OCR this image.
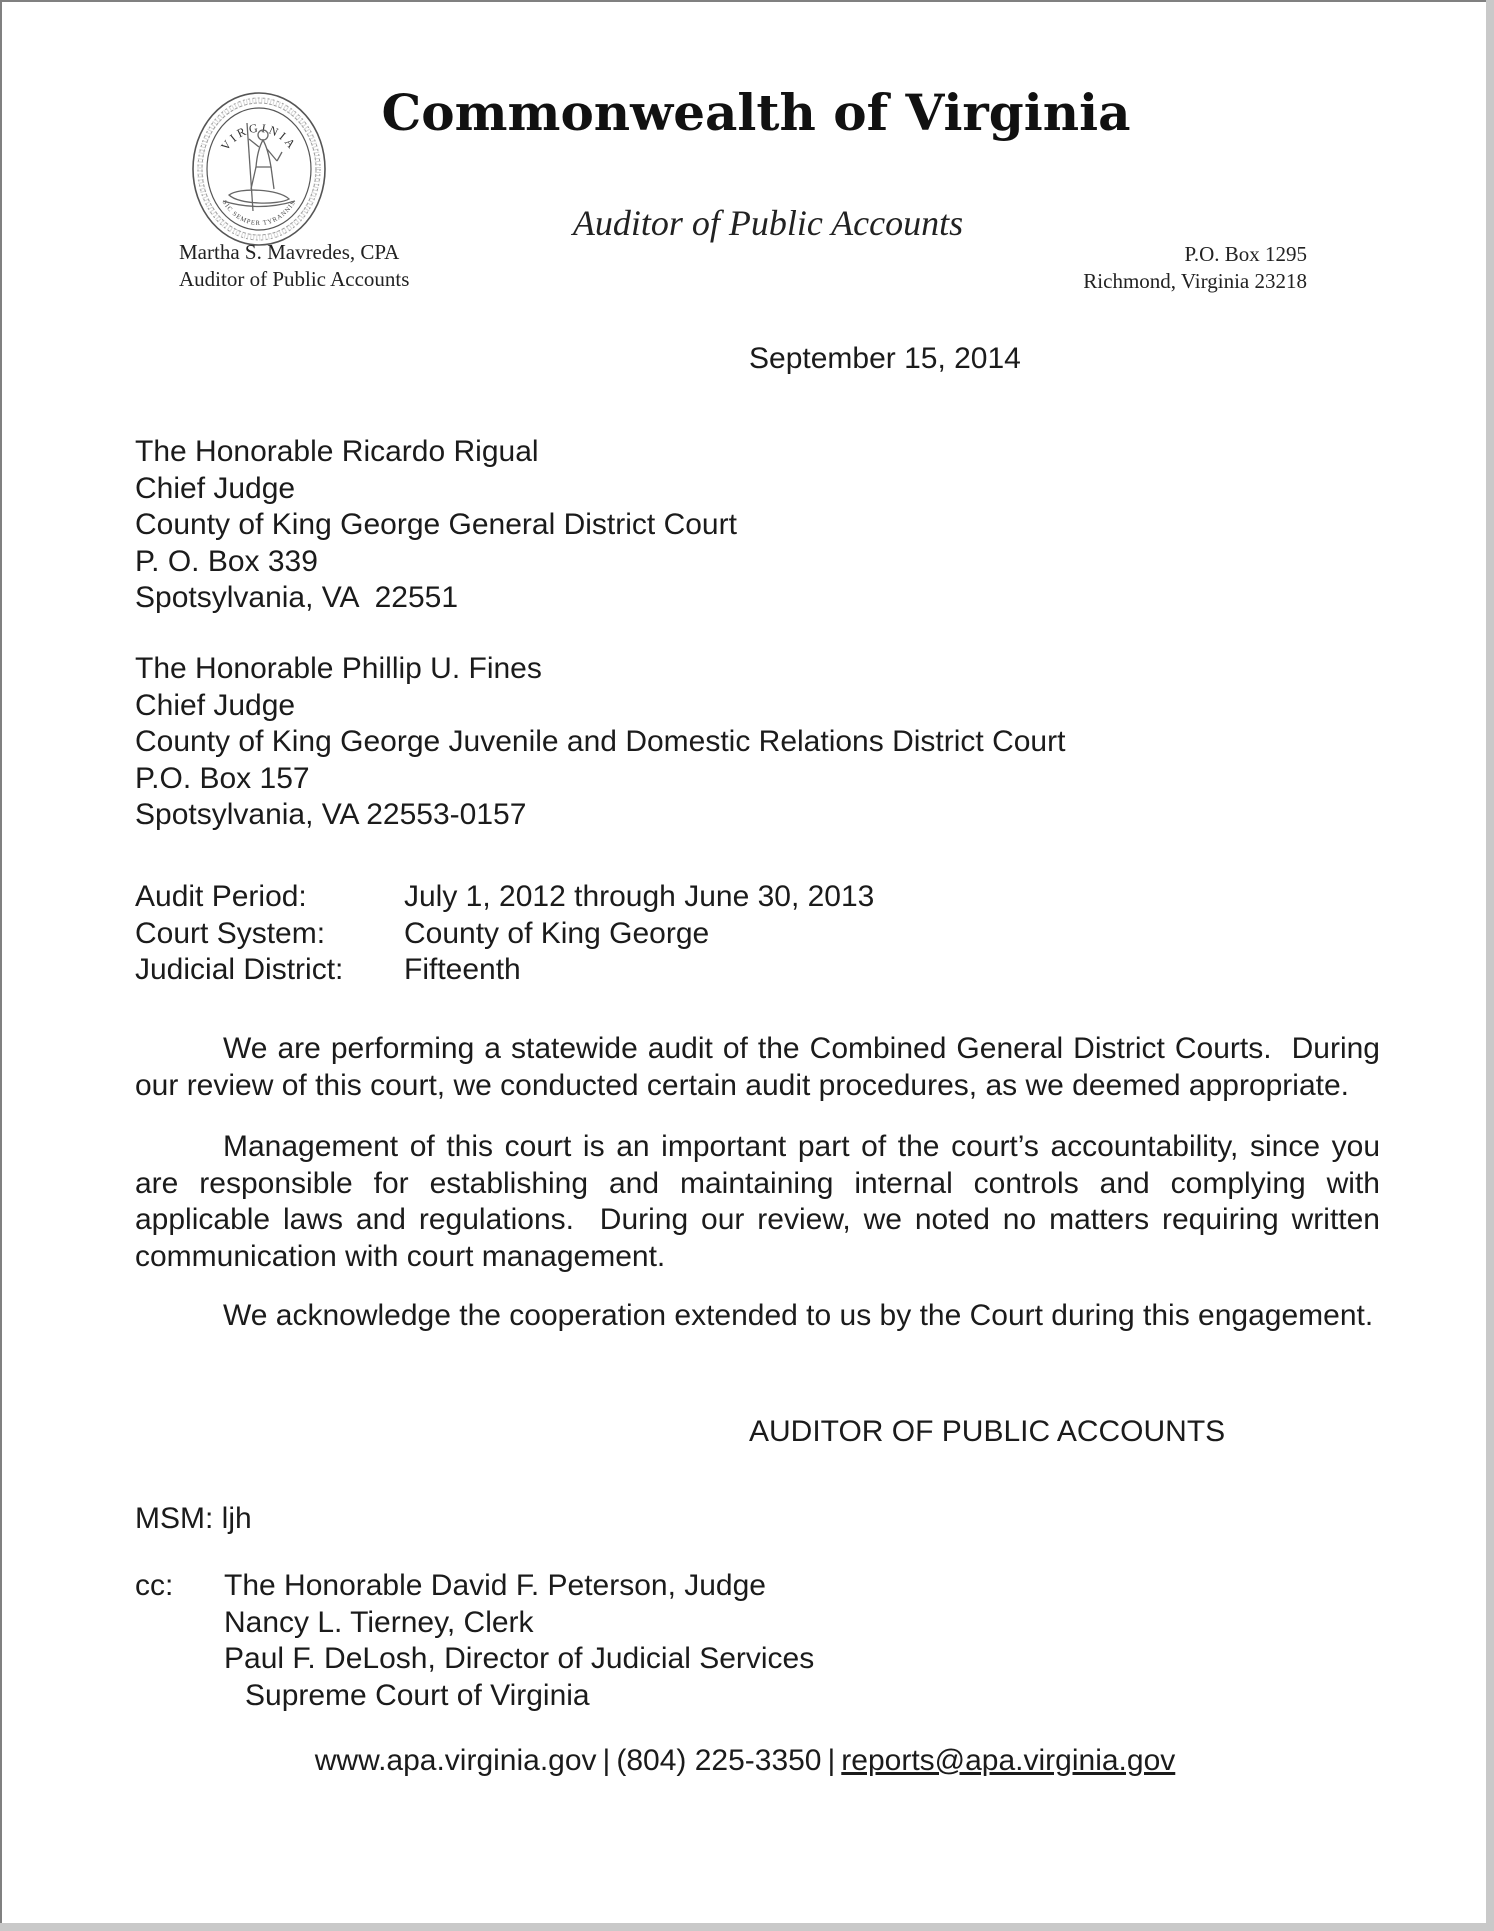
VIRGINIA
SIC SEMPER TYRANNIS
Commonwealth of Virginia
Auditor of Public Accounts
Martha S. Mavredes, CPA
Auditor of Public Accounts
P.O. Box 1295
Richmond, Virginia 23218
September 15, 2014
The Honorable Ricardo Rigual
Chief Judge
County of King George General District Court
P. O. Box 339
Spotsylvania, VA  22551
The Honorable Phillip U. Fines
Chief Judge
County of King George Juvenile and Domestic Relations District Court
P.O. Box 157
Spotsylvania, VA 22553-0157
Audit Period:	July 1, 2012 through June 30, 2013
Court System:	County of King George
Judicial District:	Fifteenth
We are performing a statewide audit of the Combined General District Courts.  During our review of this court, we conducted certain audit procedures, as we deemed appropriate.
Management of this court is an important part of the court’s accountability, since you are responsible for establishing and maintaining internal controls and complying with applicable laws and regulations.  During our review, we noted no matters requiring written communication with court management.
We acknowledge the cooperation extended to us by the Court during this engagement.
AUDITOR OF PUBLIC ACCOUNTS
MSM: ljh
cc:	The Honorable David F. Peterson, Judge
Nancy L. Tierney, Clerk
Paul F. DeLosh, Director of Judicial Services
Supreme Court of Virginia
www.apa.virginia.gov | (804) 225-3350 | reports@apa.virginia.gov
